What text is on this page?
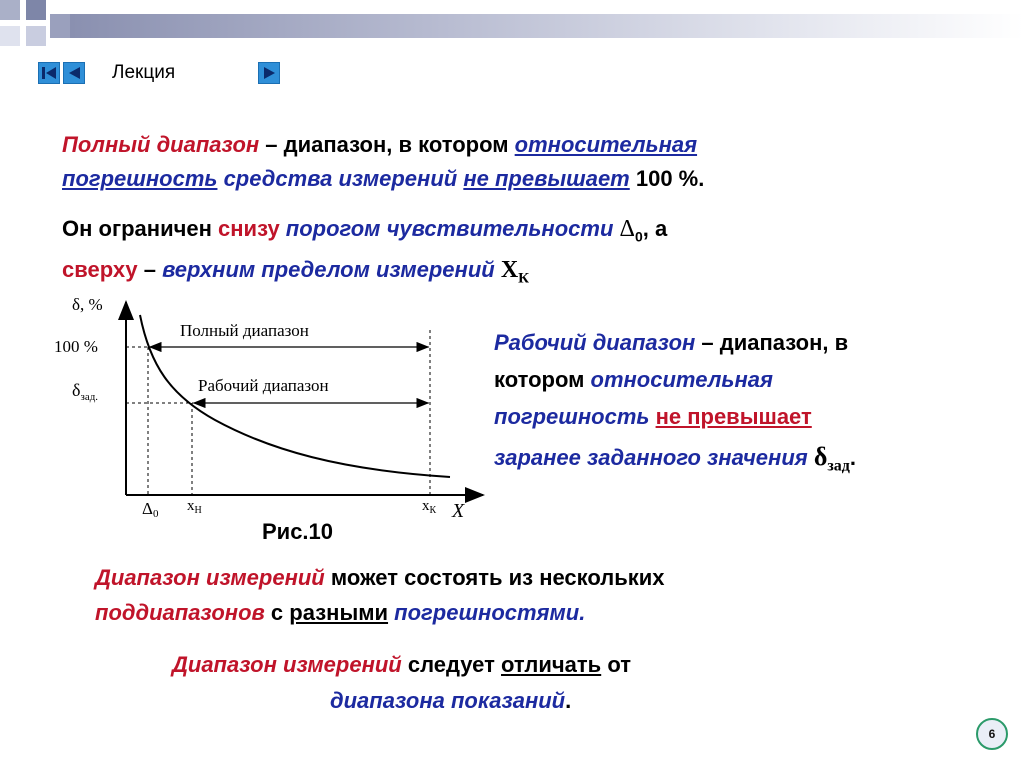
Лекция
Полный диапазон – диапазон, в котором относительная
погрешность средства измерений не превышает 100 %.
Он ограничен снизу порогом чувствительности $\Delta_0$, а
сверху – верхним пределом измерений $X_К$
Рабочий диапазон – диапазон, в
котором относительная
погрешность не превышает
заранее заданного значения $\delta_{зад}$.
δ, %
100 %
$\delta_{зад.}$
Полный диапазон
Рабочий диапазон
Δ0 $x_Н$	$x_К$ X
Рис.10
Диапазон измерений может состоять из нескольких
поддиапазонов с разными погрешностями.
Диапазон измерений следует отличать от
диапазона показаний.
6
